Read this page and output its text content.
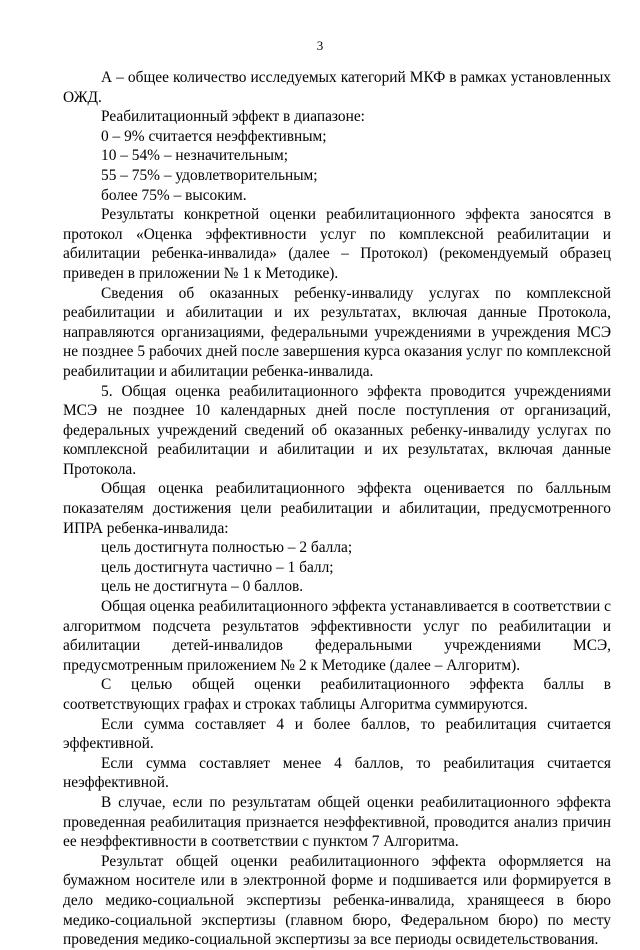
3

А – общее количество исследуемых категорий МКФ в рамках установленных ОЖД.

Реабилитационный эффект в диапазоне:

0 – 9% считается неэффективным;

10 – 54% – незначительным;

55 – 75% – удовлетворительным;

более 75% – высоким.

Результаты конкретной оценки реабилитационного эффекта заносятся в протокол «Оценка эффективности услуг по комплексной реабилитации и абилитации ребенка-инвалида» (далее – Протокол) (рекомендуемый образец приведен в приложении № 1 к Методике).

Сведения об оказанных ребенку-инвалиду услугах по комплексной реабилитации и абилитации и их результатах, включая данные Протокола, направляются организациями, федеральными учреждениями в учреждения МСЭ не позднее 5 рабочих дней после завершения курса оказания услуг по комплексной реабилитации и абилитации ребенка-инвалида.

5. Общая оценка реабилитационного эффекта проводится учреждениями МСЭ не позднее 10 календарных дней после поступления от организаций, федеральных учреждений сведений об оказанных ребенку-инвалиду услугах по комплексной реабилитации и абилитации и их результатах, включая данные Протокола.

Общая оценка реабилитационного эффекта оценивается по балльным показателям достижения цели реабилитации и абилитации, предусмотренного ИПРА ребенка-инвалида:

цель достигнута полностью – 2 балла;

цель достигнута частично – 1 балл;

цель не достигнута – 0 баллов.

Общая оценка реабилитационного эффекта устанавливается в соответствии с алгоритмом подсчета результатов эффективности услуг по реабилитации и абилитации детей-инвалидов федеральными учреждениями МСЭ, предусмотренным приложением № 2 к Методике (далее – Алгоритм).

С целью общей оценки реабилитационного эффекта баллы в соответствующих графах и строках таблицы Алгоритма суммируются.

Если сумма составляет 4 и более баллов, то реабилитация считается эффективной.

Если сумма составляет менее 4 баллов, то реабилитация считается неэффективной.

В случае, если по результатам общей оценки реабилитационного эффекта проведенная реабилитация признается неэффективной, проводится анализ причин ее неэффективности в соответствии с пунктом 7 Алгоритма.

Результат общей оценки реабилитационного эффекта оформляется на бумажном носителе или в электронной форме и подшивается или формируется в дело медико-социальной экспертизы ребенка-инвалида, хранящееся в бюро медико-социальной экспертизы (главном бюро, Федеральном бюро) по месту проведения медико-социальной экспертизы за все периоды освидетельствования.
